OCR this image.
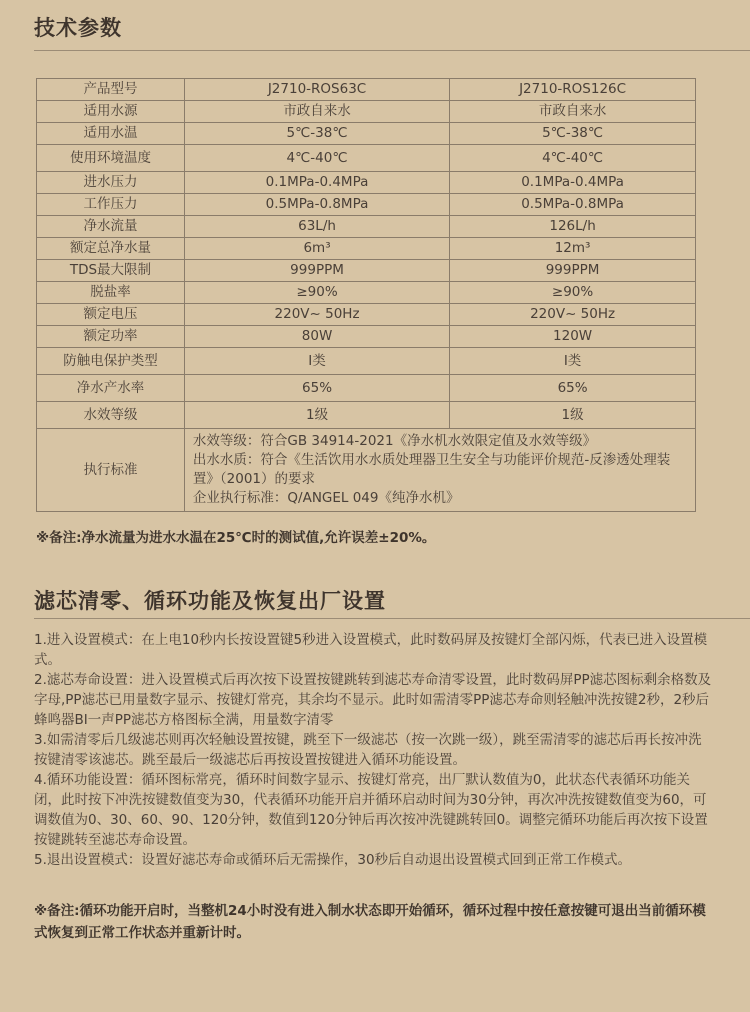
技术参数
产品型号	J2710-ROS63C	J2710-ROS126C
适用水源	市政自来水	市政自来水
适用水温	5℃-38℃	5℃-38℃
使用环境温度	4℃-40℃	4℃-40℃
进水压力	0.1MPa-0.4MPa	0.1MPa-0.4MPa
工作压力	0.5MPa-0.8MPa	0.5MPa-0.8MPa
净水流量	63L/h	126L/h
额定总净水量	6m³	12m³
TDS最大限制	999PPM	999PPM
脱盐率	≥90%	≥90%
额定电压	220V~ 50Hz	220V~ 50Hz
额定功率	80W	120W
防触电保护类型	Ⅰ类	Ⅰ类
净水产水率	65%	65%
水效等级	1级	1级
执行标准	水效等级：符合GB 34914-2021《净水机水效限定值及水效等级》
出水水质：符合《生活饮用水水质处理器卫生安全与功能评价规范-反渗透处理装置》（2001）的要求
企业执行标准：Q/ANGEL 049《纯净水机》	
※备注:净水流量为进水水温在25℃时的测试值,允许误差±20%。
滤芯清零、循环功能及恢复出厂设置

1.进入设置模式：在上电10秒内长按设置键5秒进入设置模式，此时数码屏及按键灯全部闪烁，代表已进入设置模式。

2.滤芯寿命设置：进入设置模式后再次按下设置按键跳转到滤芯寿命清零设置，此时数码屏PP滤芯图标剩余格数及字母,PP滤芯已用量数字显示、按键灯常亮，其余均不显示。此时如需清零PP滤芯寿命则轻触冲洗按键2秒，2秒后蜂鸣器BI一声PP滤芯方格图标全满，用量数字清零

3.如需清零后几级滤芯则再次轻触设置按键，跳至下一级滤芯（按一次跳一级），跳至需清零的滤芯后再长按冲洗按键清零该滤芯。跳至最后一级滤芯后再按设置按键进入循环功能设置。

4.循环功能设置：循环图标常亮，循环时间数字显示、按键灯常亮，出厂默认数值为0，此状态代表循环功能关闭，此时按下冲洗按键数值变为30，代表循环功能开启并循环启动时间为30分钟，再次冲洗按键数值变为60，可调数值为0、30、60、90、120分钟，数值到120分钟后再次按冲洗键跳转回0。调整完循环功能后再次按下设置按键跳转至滤芯寿命设置。

5.退出设置模式：设置好滤芯寿命或循环后无需操作，30秒后自动退出设置模式回到正常工作模式。

※备注:循环功能开启时，当整机24小时没有进入制水状态即开始循环，循环过程中按任意按键可退出当前循环模式恢复到正常工作状态并重新计时。
